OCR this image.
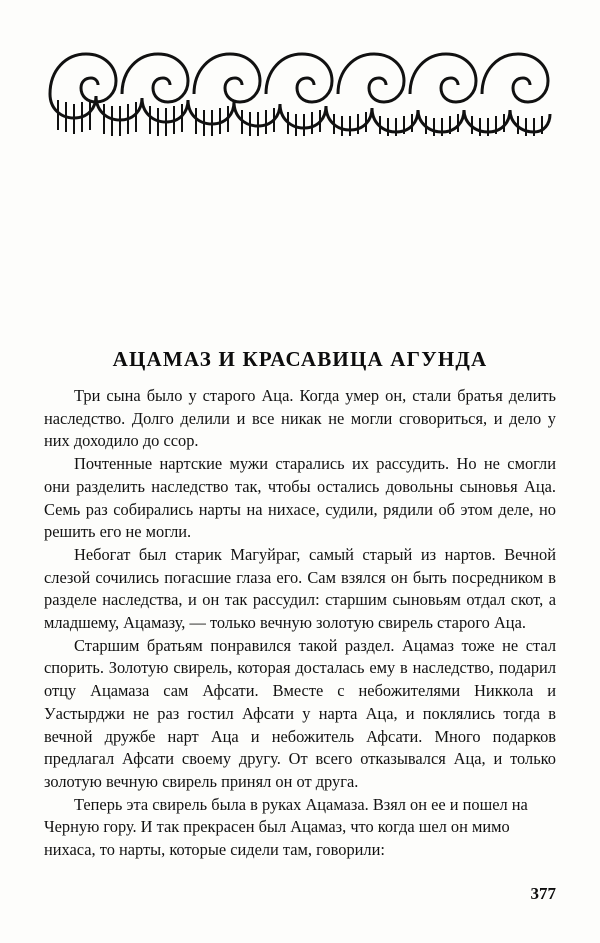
АЦАМАЗ И КРАСАВИЦА АГУНДА

Три сына было у старого Аца. Когда умер он, стали братья делить наследство. Долго делили и все никак не могли сговориться, и дело у них доходило до ссор.

Почтенные нартские мужи старались их рассудить. Но не смогли они разделить наследство так, чтобы остались довольны сыновья Аца. Семь раз собирались нарты на нихасе, судили, рядили об этом деле, но решить его не могли.

Небогат был старик Магуйраг, самый старый из нартов. Вечной слезой сочились погасшие глаза его. Сам взялся он быть посредником в разделе наследства, и он так рассудил: старшим сыновьям отдал скот, а младшему, Ацамазу, — только вечную золотую свирель старого Аца.

Старшим братьям понравился такой раздел. Ацамаз тоже не стал спорить. Золотую свирель, которая досталась ему в наследство, подарил отцу Ацамаза сам Афсати. Вместе с небожителями Никкола и Уастырджи не раз гостил Афсати у нарта Аца, и поклялись тогда в вечной дружбе нарт Аца и небожитель Афсати. Много подарков предлагал Афсати своему другу. От всего отказывался Аца, и только золотую вечную свирель принял он от друга.

Теперь эта свирель была в руках Ацамаза. Взял он ее и пошел на Черную гору. И так прекрасен был Ацамаз, что когда шел он мимо нихаса, то нарты, которые сидели там, говорили:

377
